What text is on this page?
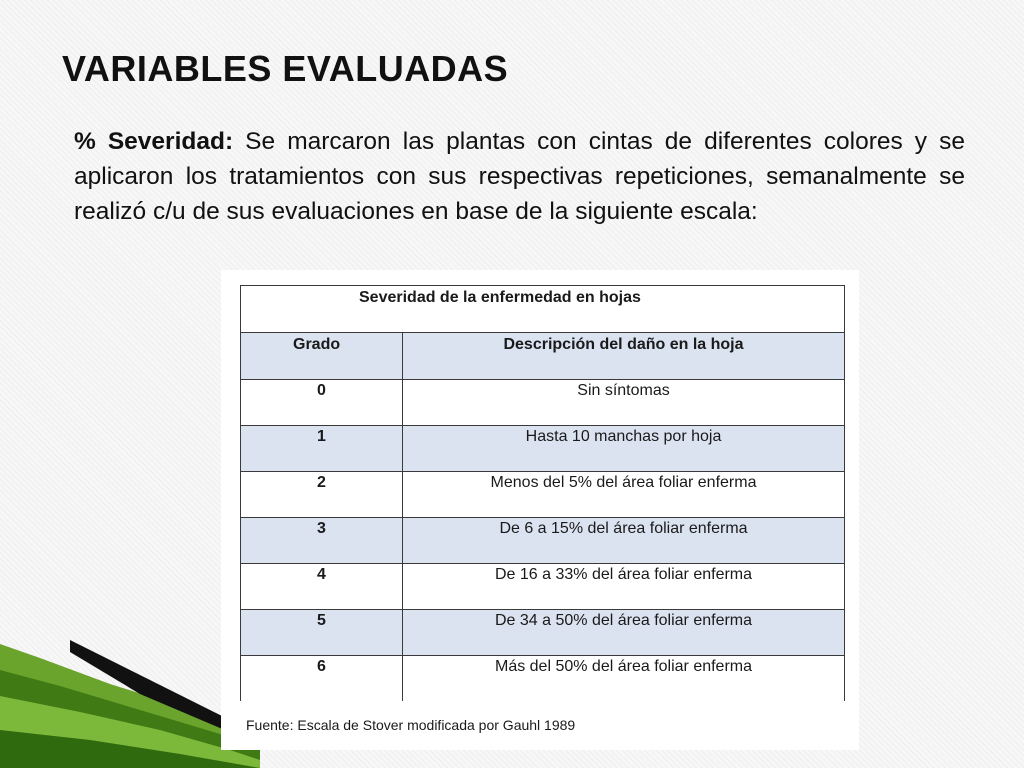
VARIABLES EVALUADAS

% Severidad: Se marcaron las plantas con cintas de diferentes colores y se aplicaron los tratamientos con sus respectivas repeticiones, semanalmente se realizó c/u de sus evaluaciones en base de la siguiente escala:

Severidad de la enfermedad en hojas	
Grado	Descripción del daño en la hoja
0	Sin síntomas
1	Hasta 10 manchas por hoja
2	Menos del 5% del área foliar enferma
3	De 6 a 15% del área foliar enferma
4	De 16 a 33% del área foliar enferma
5	De 34 a 50% del área foliar enferma
6	Más del 50% del área foliar enferma

Fuente: Escala de Stover modificada por Gauhl 1989
